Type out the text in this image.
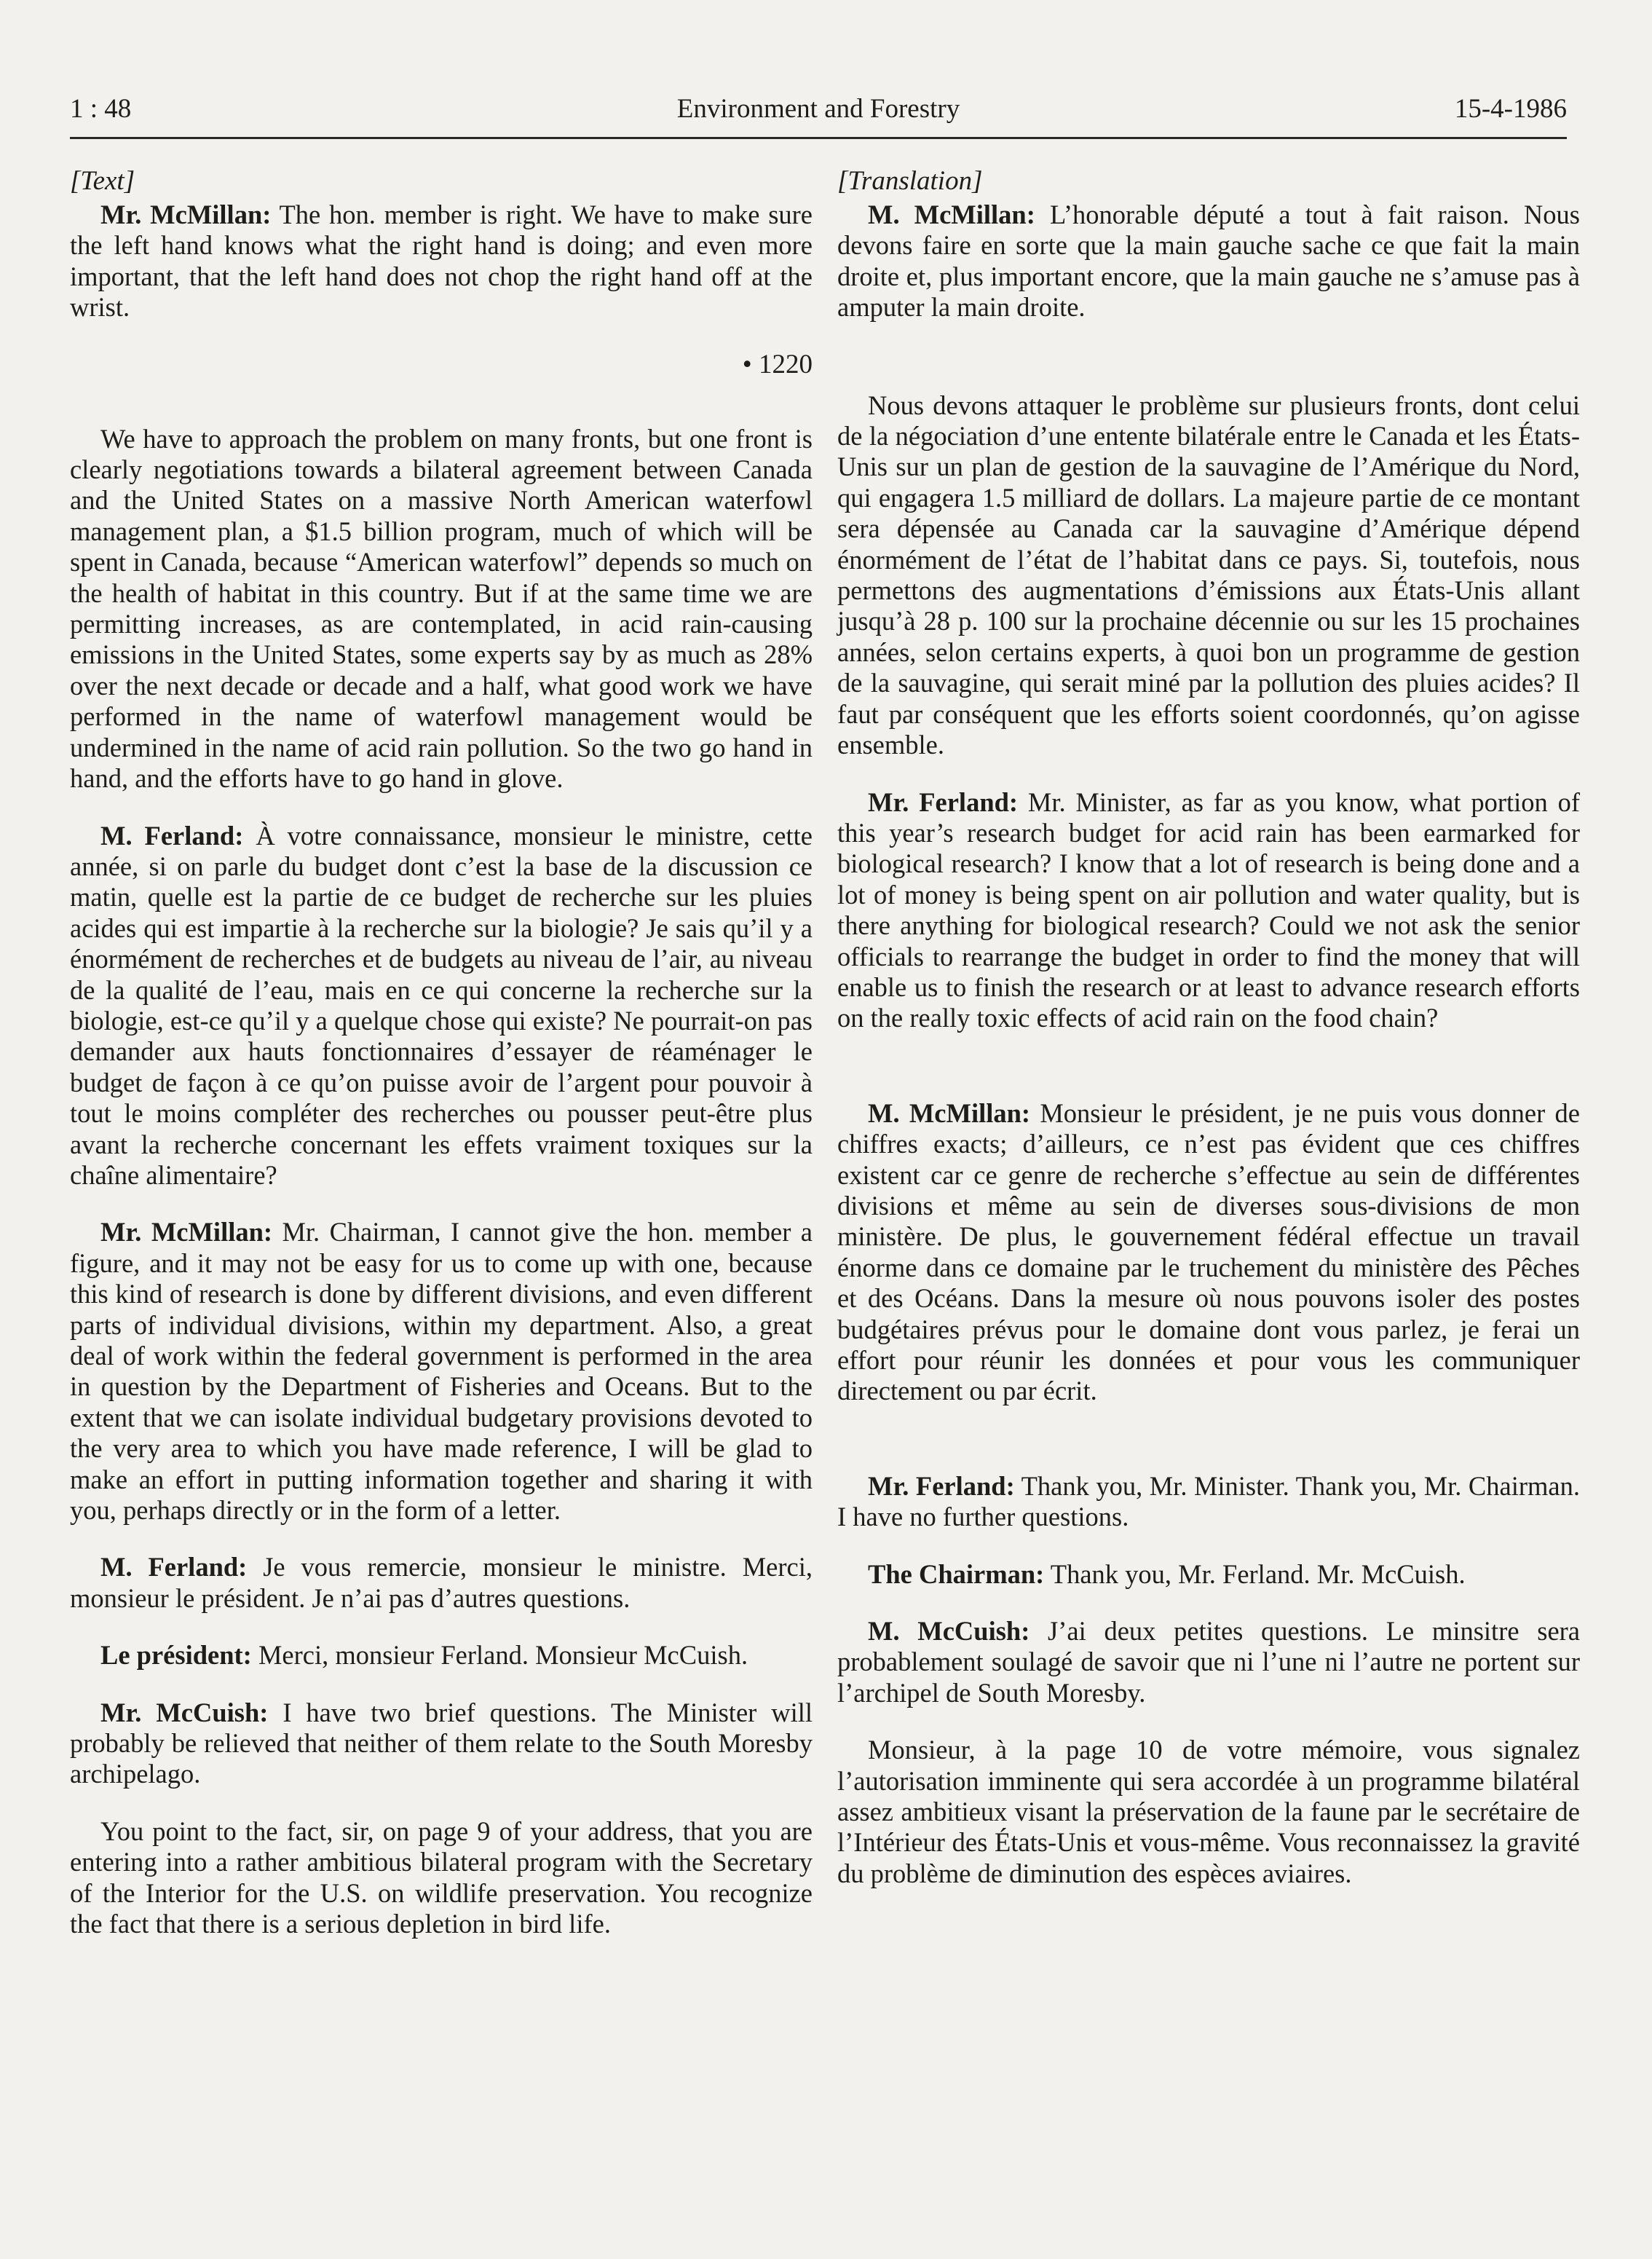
1 : 48	Environment and Forestry	15-4-1986
[Text]

Mr. McMillan: The hon. member is right. We have to make sure the left hand knows what the right hand is doing; and even more important, that the left hand does not chop the right hand off at the wrist.

• 1220

We have to approach the problem on many fronts, but one front is clearly negotiations towards a bilateral agreement between Canada and the United States on a massive North American waterfowl management plan, a $1.5 billion program, much of which will be spent in Canada, because “American waterfowl” depends so much on the health of habitat in this country. But if at the same time we are permitting increases, as are contemplated, in acid rain-causing emissions in the United States, some experts say by as much as 28% over the next decade or decade and a half, what good work we have performed in the name of waterfowl management would be undermined in the name of acid rain pollution. So the two go hand in hand, and the efforts have to go hand in glove.

M. Ferland: À votre connaissance, monsieur le ministre, cette année, si on parle du budget dont c’est la base de la discussion ce matin, quelle est la partie de ce budget de recherche sur les pluies acides qui est impartie à la recherche sur la biologie? Je sais qu’il y a énormément de recherches et de budgets au niveau de l’air, au niveau de la qualité de l’eau, mais en ce qui concerne la recherche sur la biologie, est-ce qu’il y a quelque chose qui existe? Ne pourrait-on pas demander aux hauts fonctionnaires d’essayer de réaménager le budget de façon à ce qu’on puisse avoir de l’argent pour pouvoir à tout le moins compléter des recherches ou pousser peut-être plus avant la recherche concernant les effets vraiment toxiques sur la chaîne alimentaire?

Mr. McMillan: Mr. Chairman, I cannot give the hon. member a figure, and it may not be easy for us to come up with one, because this kind of research is done by different divisions, and even different parts of individual divisions, within my department. Also, a great deal of work within the federal government is performed in the area in question by the Department of Fisheries and Oceans. But to the extent that we can isolate individual budgetary provisions devoted to the very area to which you have made reference, I will be glad to make an effort in putting information together and sharing it with you, perhaps directly or in the form of a letter.

M. Ferland: Je vous remercie, monsieur le ministre. Merci, monsieur le président. Je n’ai pas d’autres questions.

Le président: Merci, monsieur Ferland. Monsieur McCuish.

Mr. McCuish: I have two brief questions. The Minister will probably be relieved that neither of them relate to the South Moresby archipelago.

You point to the fact, sir, on page 9 of your address, that you are entering into a rather ambitious bilateral program with the Secretary of the Interior for the U.S. on wildlife preservation. You recognize the fact that there is a serious depletion in bird life.

[Translation]

M. McMillan: L’honorable député a tout à fait raison. Nous devons faire en sorte que la main gauche sache ce que fait la main droite et, plus important encore, que la main gauche ne s’amuse pas à amputer la main droite.

Nous devons attaquer le problème sur plusieurs fronts, dont celui de la négociation d’une entente bilatérale entre le Canada et les États-Unis sur un plan de gestion de la sauvagine de l’Amérique du Nord, qui engagera 1.5 milliard de dollars. La majeure partie de ce montant sera dépensée au Canada car la sauvagine d’Amérique dépend énormément de l’état de l’habitat dans ce pays. Si, toutefois, nous permettons des augmentations d’émissions aux États-Unis allant jusqu’à 28 p. 100 sur la prochaine décennie ou sur les 15 prochaines années, selon certains experts, à quoi bon un programme de gestion de la sauvagine, qui serait miné par la pollution des pluies acides? Il faut par conséquent que les efforts soient coordonnés, qu’on agisse ensemble.

Mr. Ferland: Mr. Minister, as far as you know, what portion of this year’s research budget for acid rain has been earmarked for biological research? I know that a lot of research is being done and a lot of money is being spent on air pollution and water quality, but is there anything for biological research? Could we not ask the senior officials to rearrange the budget in order to find the money that will enable us to finish the research or at least to advance research efforts on the really toxic effects of acid rain on the food chain?

M. McMillan: Monsieur le président, je ne puis vous donner de chiffres exacts; d’ailleurs, ce n’est pas évident que ces chiffres existent car ce genre de recherche s’effectue au sein de différentes divisions et même au sein de diverses sous-divisions de mon ministère. De plus, le gouvernement fédéral effectue un travail énorme dans ce domaine par le truchement du ministère des Pêches et des Océans. Dans la mesure où nous pouvons isoler des postes budgétaires prévus pour le domaine dont vous parlez, je ferai un effort pour réunir les données et pour vous les communiquer directement ou par écrit.

Mr. Ferland: Thank you, Mr. Minister. Thank you, Mr. Chairman. I have no further questions.

The Chairman: Thank you, Mr. Ferland. Mr. McCuish.

M. McCuish: J’ai deux petites questions. Le minsitre sera probablement soulagé de savoir que ni l’une ni l’autre ne portent sur l’archipel de South Moresby.

Monsieur, à la page 10 de votre mémoire, vous signalez l’autorisation imminente qui sera accordée à un programme bilatéral assez ambitieux visant la préservation de la faune par le secrétaire de l’Intérieur des États-Unis et vous-même. Vous reconnaissez la gravité du problème de diminution des espèces aviaires.
